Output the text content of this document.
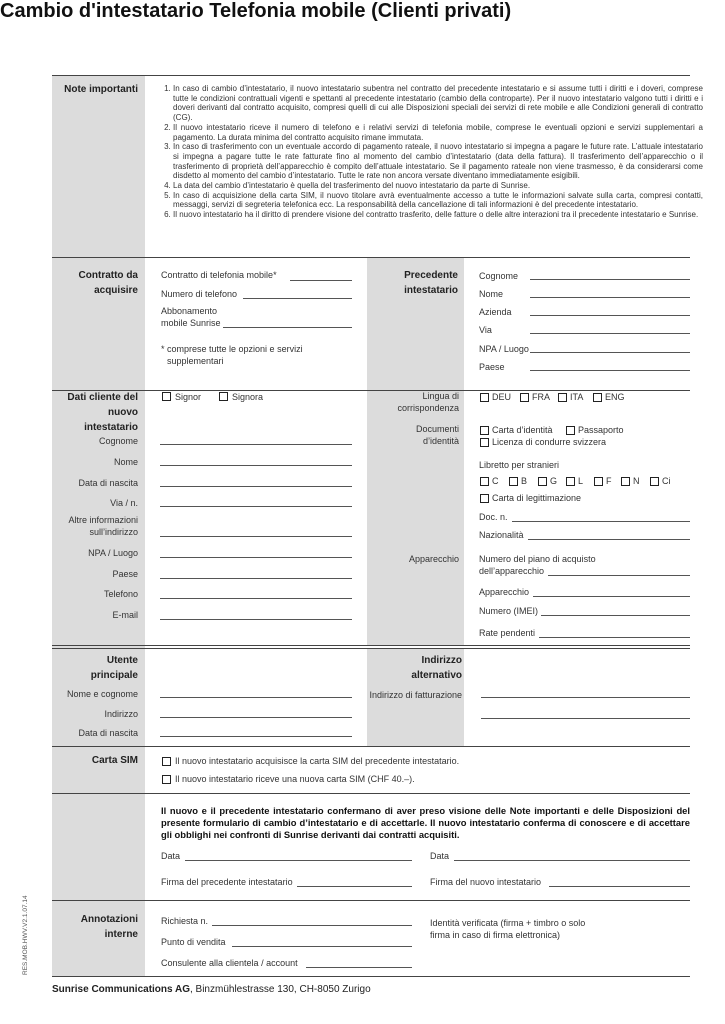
Cambio d'intestatario Telefonia mobile (Clienti privati)
Note importanti
1.	In caso di cambio d’intestatario, il nuovo intestatario subentra nel contratto del precedente intestatario e si assume tutti i diritti e i doveri, comprese tutte le condizioni contrattuali vigenti e spettanti al precedente intestatario (cambio della controparte). Per il nuovo intestatario valgono tutti i diritti e i doveri derivanti dal contratto acquisito, compresi quelli di cui alle Disposizioni speciali dei servizi di rete mobile e alle Condizioni generali di contratto (CG).
2. Il nuovo intestatario riceve il numero di telefono e i relativi servizi di telefonia mobile, comprese le eventuali opzioni e servizi supplementari a pagamento. La durata minima del contratto acquisito rimane immutata.
3. In caso di trasferimento con un eventuale accordo di pagamento rateale, il nuovo intestatario si impegna a pagare le future rate. L’attuale intestatario si impegna a pagare tutte le rate fatturate fino al momento del cambio d’intestatario (data della fattura). Il trasferimento dell’apparecchio o il trasferimento di proprietà dell’apparecchio è compito dell’attuale intestatario. Se il pagamento rateale non viene trasmesso, è da considerarsi come disdetto al momento del cambio d’intestatario. Tutte le rate non ancora versate diventano immediatamente esigibili.
4. La data del cambio d’intestatario è quella del trasferimento del nuovo intestatario da parte di Sunrise.
5. In caso di acquisizione della carta SIM, il nuovo titolare avrà eventualmente accesso a tutte le informazioni salvate sulla carta, compresi contatti, messaggi, servizi di segreteria telefonica ecc. La responsabilità della cancellazione di tali informazioni è del precedente intestatario.
6. Il nuovo intestatario ha il diritto di prendere visione del contratto trasferito, delle fatture o delle altre interazioni tra il precedente intestatario e Sunrise.
Contratto da acquisire
Contratto di telefonia mobile*
Numero di telefono
Abbonamento
mobile Sunrise
* compresе tutte le opzioni e servizi
supplementari
Precedente intestatario
Cognome
Nome
Azienda
Via
NPA / Luogo
Paese
Dati cliente del nuovo intestatario
Signor	Signora
Cognome
Nome
Data di nascita
Via / n.
Altre informazioni
sull’indirizzo
NPA / Luogo
Paese
Telefono
E-mail
Lingua di
corrispondenza
DEU FRA ITA ENG
Documenti
d’identità
Carta d’identità	Passaporto
Licenza di condurre svizzera
Libretto per stranieri
C	B	G L	F N	Ci
Carta di legittimazione
Doc. n.
Nazionalità
Apparecchio Numero del piano di acquisto
dell’apparecchio
Apparecchio
Numero (IMEI)
Rate pendenti
Utente principale
Nome e cognome
Indirizzo
Data di nascita
Indirizzo alternativo
Indirizzo di fatturazione
Carta SIM	Il nuovo intestatario acquisisce la carta SIM del precedente intestatario.
Il nuovo intestatario riceve una nuova carta SIM (CHF 40.–).
Il nuovo e il precedente intestatario confermano di aver preso visione delle Note importanti e delle Disposizioni del presente formulario di cambio d’intestatario e di accettarle. Il nuovo intestatario conferma di conoscere e di accettare gli obblighi nei confronti di Sunrise derivanti dai contratti acquisiti.
Data	Data
Firma del precedente intestatario	Firma del nuovo intestatario
Annotazioni interne
Richiesta n.
Punto di vendita
Consulente alla clientela / account
Identità verificata (firma + timbro o solo
firma in caso di firma elettronica)
RES.MOB.HWV.V2.1.07.14
Sunrise Communications AG, Binzmühlestrasse 130, CH-8050 Zurigo
